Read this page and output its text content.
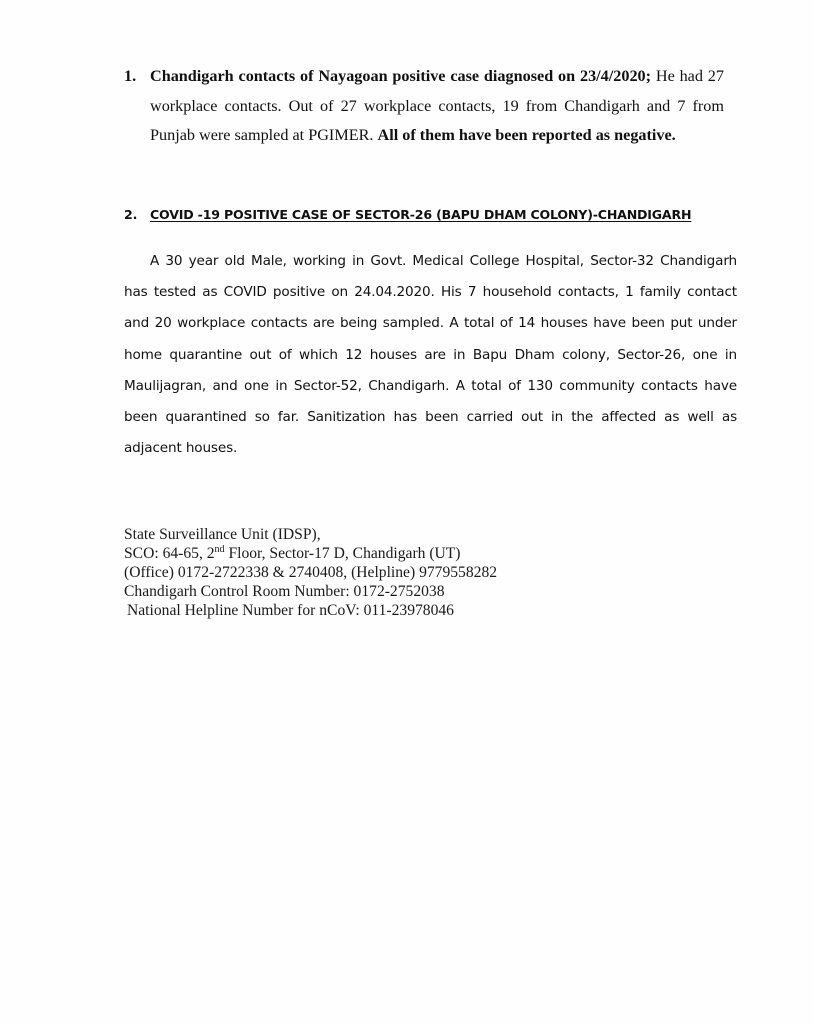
1. Chandigarh contacts of Nayagoan positive case diagnosed on 23/4/2020; He had 27 workplace contacts. Out of 27 workplace contacts, 19 from Chandigarh and 7 from Punjab were sampled at PGIMER. All of them have been reported as negative.
2. COVID -19 POSITIVE CASE OF SECTOR-26 (BAPU DHAM COLONY)-CHANDIGARH
A 30 year old Male, working in Govt. Medical College Hospital, Sector-32 Chandigarh
has tested as COVID positive on 24.04.2020. His 7 household contacts, 1 family contact
and 20 workplace contacts are being sampled. A total of 14 houses have been put under
home quarantine out of which 12 houses are in Bapu Dham colony, Sector-26, one in
Maulijagran, and one in Sector-52, Chandigarh. A total of 130 community contacts have
been quarantined so far. Sanitization has been carried out in the affected as well as
adjacent houses.
State Surveillance Unit (IDSP),
SCO: 64-65, 2nd Floor, Sector-17 D, Chandigarh (UT)
(Office) 0172-2722338 & 2740408, (Helpline) 9779558282
Chandigarh Control Room Number: 0172-2752038
National Helpline Number for nCoV: 011-23978046
